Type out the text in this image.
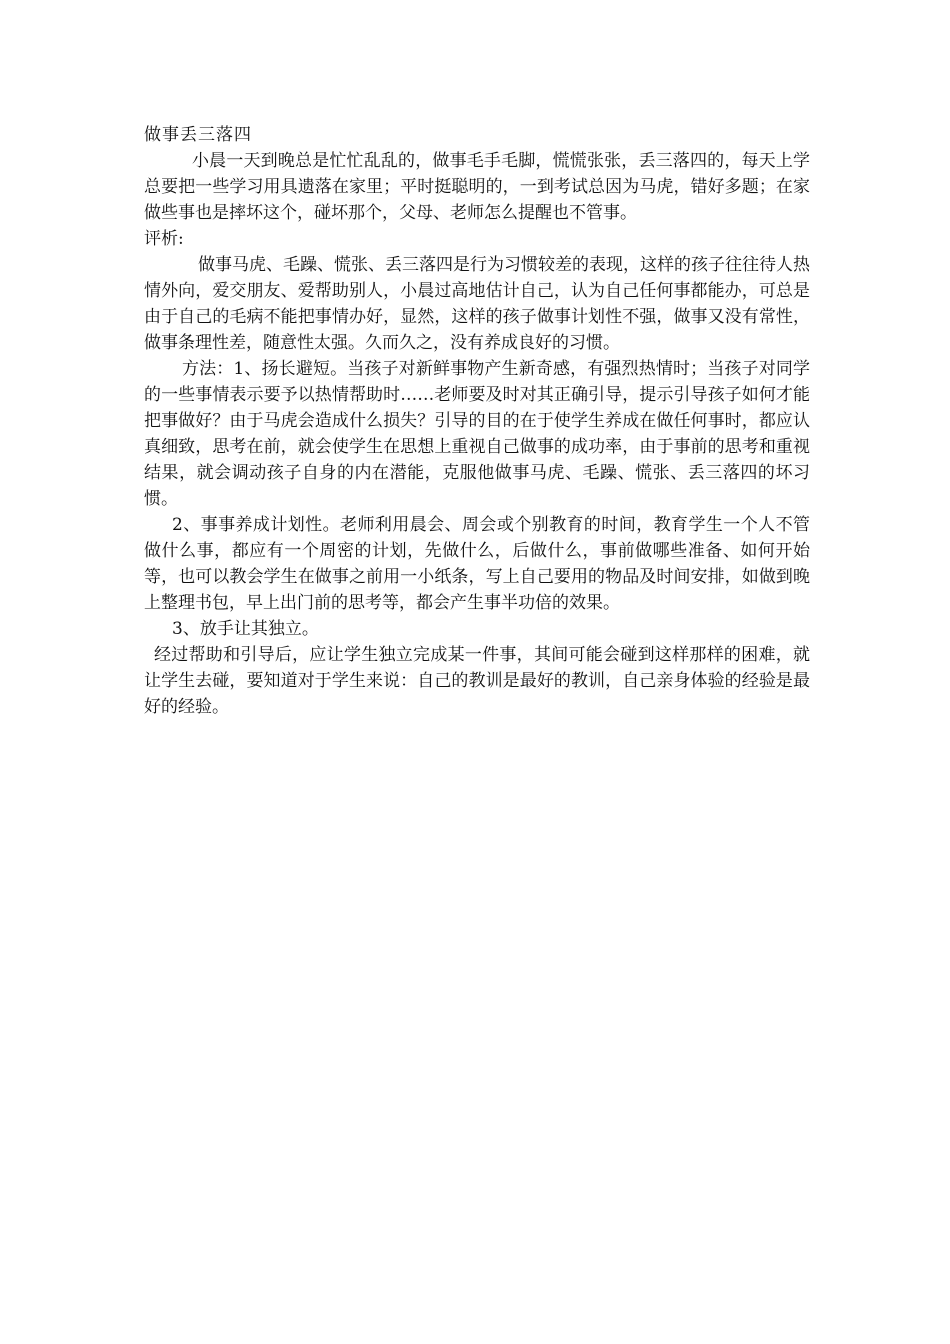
做事丢三落四

小晨一天到晚总是忙忙乱乱的，做事毛手毛脚，慌慌张张，丢三落四的，每天上学总要把一些学习用具遗落在家里；平时挺聪明的，一到考试总因为马虎，错好多题；在家做些事也是摔坏这个，碰坏那个，父母、老师怎么提醒也不管事。

评析:

做事马虎、毛躁、慌张、丢三落四是行为习惯较差的表现，这样的孩子往往待人热情外向，爱交朋友、爱帮助别人，小晨过高地估计自己，认为自己任何事都能办，可总是由于自己的毛病不能把事情办好，显然，这样的孩子做事计划性不强，做事又没有常性，做事条理性差，随意性太强。久而久之，没有养成良好的习惯。

方法：1、扬长避短。当孩子对新鲜事物产生新奇感，有强烈热情时；当孩子对同学的一些事情表示要予以热情帮助时……老师要及时对其正确引导，提示引导孩子如何才能把事做好？由于马虎会造成什么损失？引导的目的在于使学生养成在做任何事时，都应认真细致，思考在前，就会使学生在思想上重视自己做事的成功率，由于事前的思考和重视结果，就会调动孩子自身的内在潜能，克服他做事马虎、毛躁、慌张、丢三落四的坏习惯。

2、事事养成计划性。老师利用晨会、周会或个别教育的时间，教育学生一个人不管做什么事，都应有一个周密的计划，先做什么，后做什么，事前做哪些准备、如何开始等，也可以教会学生在做事之前用一小纸条，写上自己要用的物品及时间安排，如做到晚上整理书包，早上出门前的思考等，都会产生事半功倍的效果。

3、放手让其独立。

经过帮助和引导后，应让学生独立完成某一件事，其间可能会碰到这样那样的困难，就让学生去碰，要知道对于学生来说：自己的教训是最好的教训，自己亲身体验的经验是最好的经验。
